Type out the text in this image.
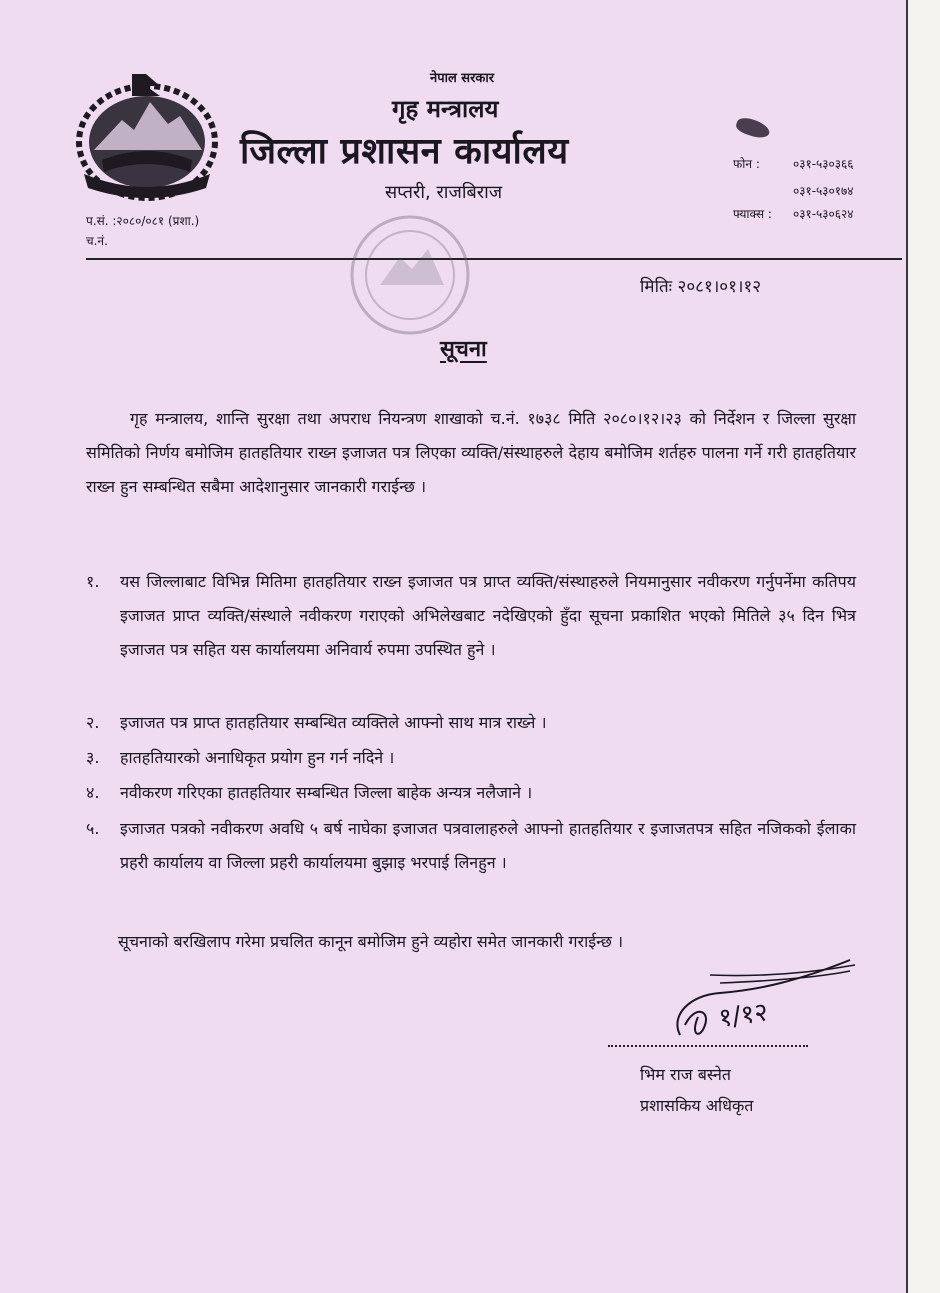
नेपाल सरकार
गृह मन्त्रालय
जिल्ला प्रशासन कार्यालय
सप्तरी, राजबिराज
फोन :	०३१-५३०३६६
०३१-५३०१७४
फ्याक्स : ०३१-५३०६२४
प.सं. :२०८०/०८१ (प्रशा.)
च.नं.
मितिः २०८१।०१।१२
सूचना

गृह मन्त्रालय, शान्ति सुरक्षा तथा अपराध नियन्त्रण शाखाको च.नं. १७३८ मिति २०८०।१२।२३ को निर्देशन र जिल्ला सुरक्षा समितिको निर्णय बमोजिम हातहतियार राख्न इजाजत पत्र लिएका व्यक्ति/संस्थाहरुले देहाय बमोजिम शर्तहरु पालना गर्ने गरी हातहतियार राख्न हुन सम्बन्धित सबैमा आदेशानुसार जानकारी गराईन्छ ।

१. यस जिल्लाबाट विभिन्न मितिमा हातहतियार राख्न इजाजत पत्र प्राप्त व्यक्ति/संस्थाहरुले नियमानुसार नवीकरण गर्नुपर्नेमा कतिपय इजाजत प्राप्त व्यक्ति/संस्थाले नवीकरण गराएको अभिलेखबाट नदेखिएको हुँदा सूचना प्रकाशित भएको मितिले ३५ दिन भित्र इजाजत पत्र सहित यस कार्यालयमा अनिवार्य रुपमा उपस्थित हुने ।
२. इजाजत पत्र प्राप्त हातहतियार सम्बन्धित व्यक्तिले आफ्नो साथ मात्र राख्ने ।
३. हातहतियारको अनाधिकृत प्रयोग हुन गर्न नदिने ।
४. नवीकरण गरिएका हातहतियार सम्बन्धित जिल्ला बाहेक अन्यत्र नलैजाने ।
५. इजाजत पत्रको नवीकरण अवधि ५ बर्ष नाघेका इजाजत पत्रवालाहरुले आफ्नो हातहतियार र इजाजतपत्र सहित नजिकको ईलाका प्रहरी कार्यालय वा जिल्ला प्रहरी कार्यालयमा बुझाइ भरपाई लिनहुन ।
सूचनाको बरखिलाप गरेमा प्रचलित कानून बमोजिम हुने व्यहोरा समेत जानकारी गराईन्छ ।
१/१२
भिम राज बस्नेत
प्रशासकिय अधिकृत
